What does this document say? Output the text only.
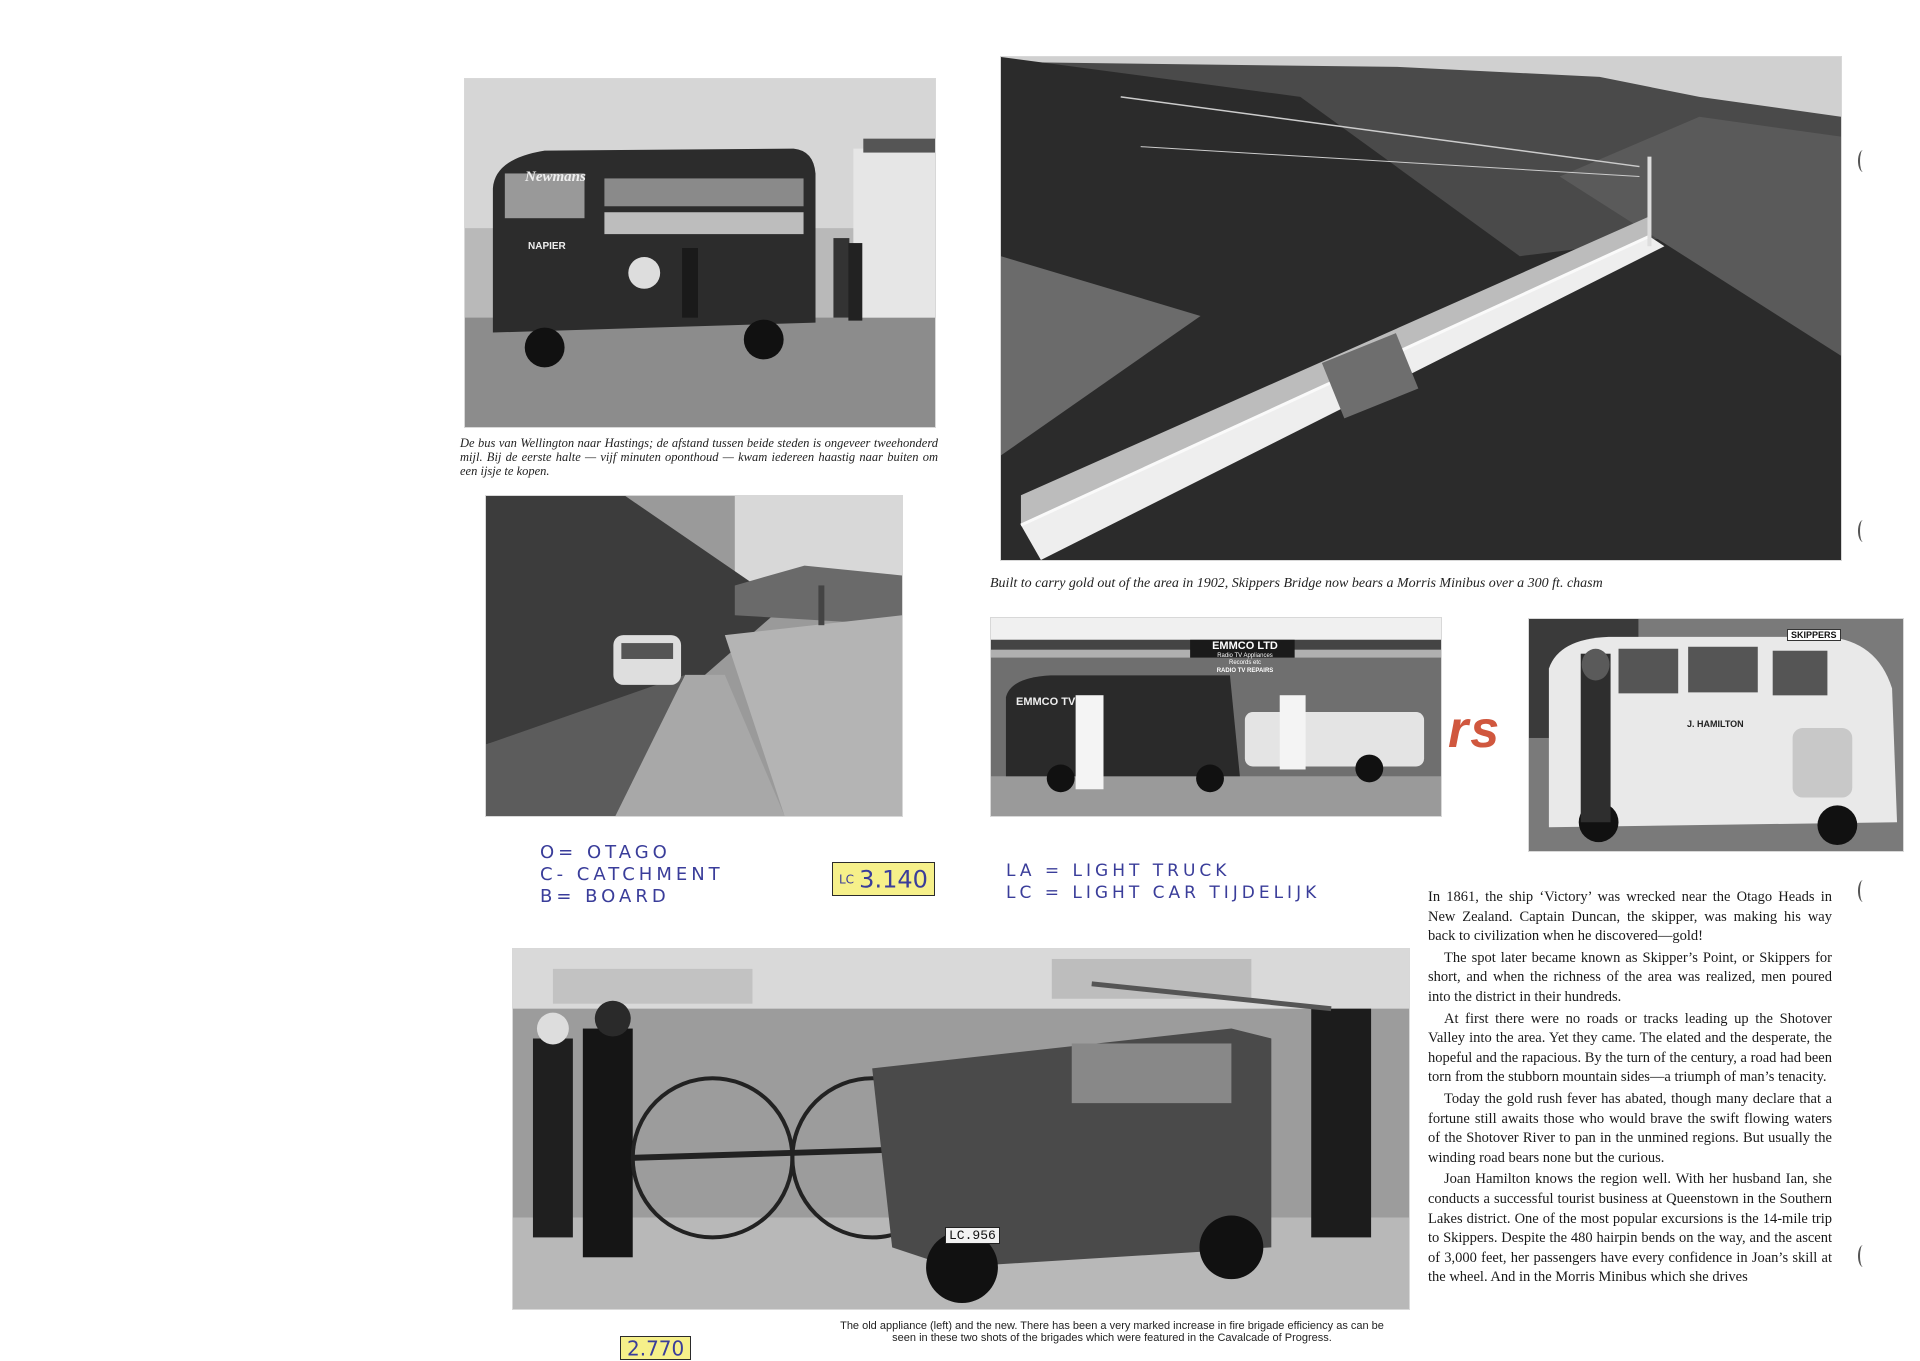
Newmans
NAPIER
De bus van Wellington naar Hastings; de afstand tussen beide steden is ongeveer tweehonderd mijl. Bij de eerste halte — vijf minuten oponthoud — kwam iedereen haastig naar buiten om een ijsje te kopen.
Built to carry gold out of the area in 1902, Skippers Bridge now bears a Morris Minibus over a 300 ft. chasm
EMMCO LTD
Radio TV Appliances
Records etc
RADIO TV REPAIRS
EMMCO TV	rs
SKIPPERS
J. HAMILTON
O= OTAGO
C- CATCHMENT
B= BOARD
LC 3.140	LA = LIGHT TRUCK
LC = LIGHT CAR TIJDELIJK
LC.956
The old appliance (left) and the new. There has been a very marked increase in fire brigade efficiency as can be seen in these two shots of the brigades which were featured in the Cavalcade of Progress.
2.770

In 1861, the ship ‘Victory’ was wrecked near the Otago Heads in New Zealand. Captain Duncan, the skipper, was making his way back to civilization when he discovered—gold!

The spot later became known as Skipper’s Point, or Skippers for short, and when the richness of the area was realized, men poured into the district in their hundreds.

At first there were no roads or tracks leading up the Shotover Valley into the area. Yet they came. The elated and the desperate, the hopeful and the rapacious. By the turn of the century, a road had been torn from the stubborn mountain sides—a triumph of man’s tenacity.

Today the gold rush fever has abated, though many declare that a fortune still awaits those who would brave the swift flowing waters of the Shotover River to pan in the unmined regions. But usually the winding road bears none but the curious.

Joan Hamilton knows the region well. With her husband Ian, she conducts a successful tourist business at Queenstown in the Southern Lakes district. One of the most popular excursions is the 14-mile trip to Skippers. Despite the 480 hairpin bends on the way, and the ascent of 3,000 feet, her passengers have every confidence in Joan’s skill at the wheel. And in the Morris Minibus which she drives
